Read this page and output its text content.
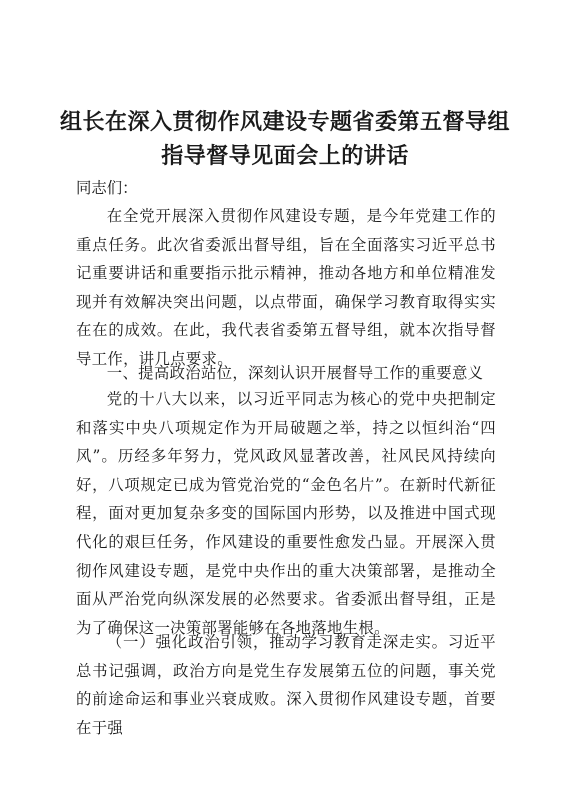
组长在深入贯彻作风建设专题省委第五督导组
指导督导见面会上的讲话
同志们：

在全党开展深入贯彻作风建设专题，是今年党建工作的重点任务。此次省委派出督导组，旨在全面落实习近平总书记重要讲话和重要指示批示精神，推动各地方和单位精准发现并有效解决突出问题，以点带面，确保学习教育取得实实在在的成效。在此，我代表省委第五督导组，就本次指导督导工作，讲几点要求。

一、提高政治站位，深刻认识开展督导工作的重要意义

党的十八大以来，以习近平同志为核心的党中央把制定和落实中央八项规定作为开局破题之举，持之以恒纠治“四风”。历经多年努力，党风政风显著改善，社风民风持续向好，八项规定已成为管党治党的“金色名片”。在新时代新征程，面对更加复杂多变的国际国内形势，以及推进中国式现代化的艰巨任务，作风建设的重要性愈发凸显。开展深入贯彻作风建设专题，是党中央作出的重大决策部署，是推动全面从严治党向纵深发展的必然要求。省委派出督导组，正是为了确保这一决策部署能够在各地落地生根。

（一）强化政治引领，推动学习教育走深走实。习近平总书记强调，政治方向是党生存发展第五位的问题，事关党的前途命运和事业兴衰成败。深入贯彻作风建设专题，首要在于强
